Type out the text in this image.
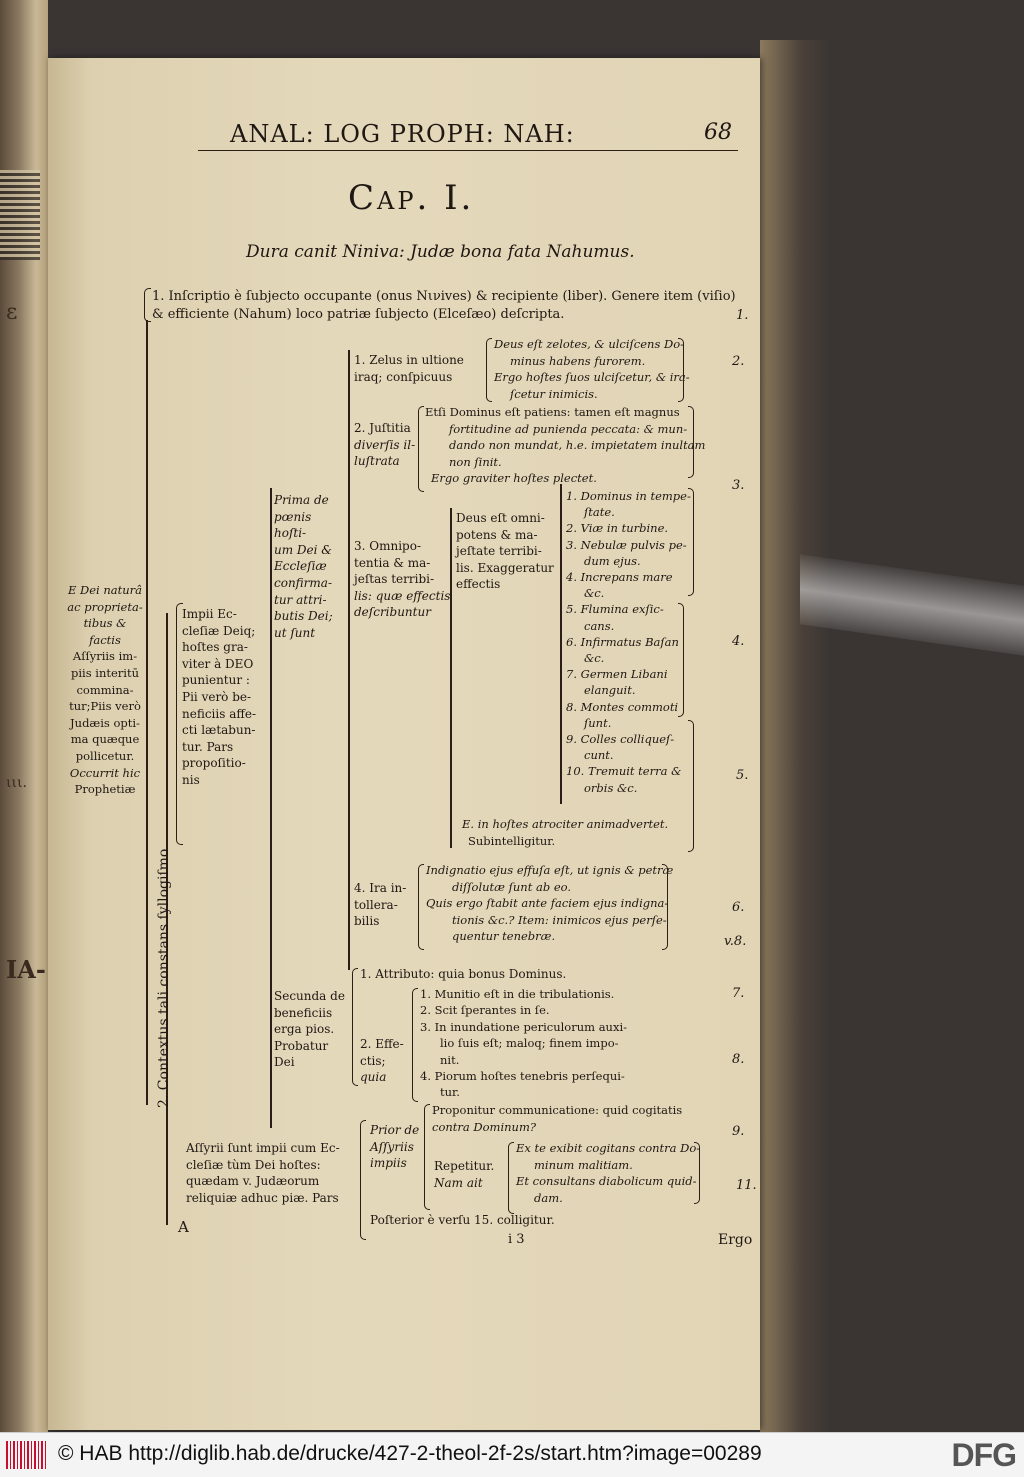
ε
IA-
ιιι.
ANAL: LOG PROPH: NAH:	68
Cap. I.
Dura canit Niniva: Judæ bona fata Nahumus.
1. Inſcriptio è ſubjecto occupante (onus Nινives) & recipiente (liber). Genere item (viſio)
& efficiente (Nahum) loco patriæ ſubjecto (Elceſæo) deſcripta.
E Dei naturâ
ac proprieta-
tibus & factis
Aſſyriis im-
piis interitū
commina-
tur;Piis verò
Judæis opti-
ma quæque
pollicetur.
Occurrit hic
Prophetiæ
2. Contextus tali constans ſyllogiſmo
Impii Ec-
cleſiæ Deiq;
hoſtes gra-
viter à DEO
punientur :
Pii verò be-
neficiis affe-
cti lætabun-
tur. Pars
propoſitio-
nis
Prima de
pœnis hoſti-
um Dei &
Eccleſiæ
confirma-
tur attri-
butis Dei;
ut ſunt
1. Zelus in ultione
iraq; conſpicuus
Deus eſt zelotes, & ulciſcens Do-
minus habens furorem.
Ergo hoſtes ſuos ulciſcetur, & ira-
ſcetur inimicis.
2. Juſtitia
diverſis il-
luſtrata
Etſi Dominus eſt patiens: tamen eſt magnus
fortitudine ad puniendа peccata: & mun-
dando non mundat, h.e. impietatem inultam
non ſinit.
Ergo graviter hoſtes plectet.
3. Omnipo-
tentia & ma-
jeſtas terribi-
lis: quæ effectis
deſcribuntur
Deus eſt omni-
potens & ma-
jeſtate terribi-
lis. Exaggeratur
effectis
1. Dominus in tempe-
ſtate.
2. Viæ in turbine.
3. Nebulæ pulvis pe-
dum ejus.
4. Increpans mare
&c.
5. Flumina exſic-
cans.
6. Infirmatus Baſan
&c.
7. Germen Libani
elanguit.
8. Montes commoti
ſunt.
9. Colles colliqueſ-
cunt.
10. Tremuit terra &
orbis &c.
E. in hoſtes atrociter animadvertet.
Subintelligitur.
4. Ira in-
tollera-
bilis
Indignatio ejus effuſa eſt, ut ignis & petræ
diſſolutæ ſunt ab eo.
Quis ergo ſtabit ante faciem ejus indigna-
tionis &c.? Item: inimicos ejus perſe-
quentur tenebræ.
Secunda de
beneficiis
erga pios.
Probatur
Dei
1. Attributo: quia bonus Dominus.
2. Effe-
ctis;
quia
1. Munitio eſt in die tribulationis.
2. Scit ſperantes in ſe.
3. In inundatione periculorum auxi-
lio ſuis eſt; maloq; finem impo-
nit.
4. Piorum hoſtes tenebris perſequi-
tur.
Aſſyrii ſunt impii cum Ec-
cleſiæ tùm Dei hoſtes:
quædam v. Judæorum
reliquiæ adhuc piæ. Pars
Prior de
Aſſyriis
impiis
Proponitur communicatione: quid cogitatis
contra Dominum?
Repetitur.
Nam ait
Ex te exibit cogitans contra Do-
minum malitiam.
Et consultans diabolicum quid-
dam.
Poſterior è verſu 15. colligitur.
1.
2.
3.
4.
5.
6.
v.8.
7.
8.
9.
11.
A
i 3	Ergo
© HAB http://diglib.hab.de/drucke/427-2-theol-2f-2s/start.htm?image=00289	DFG
